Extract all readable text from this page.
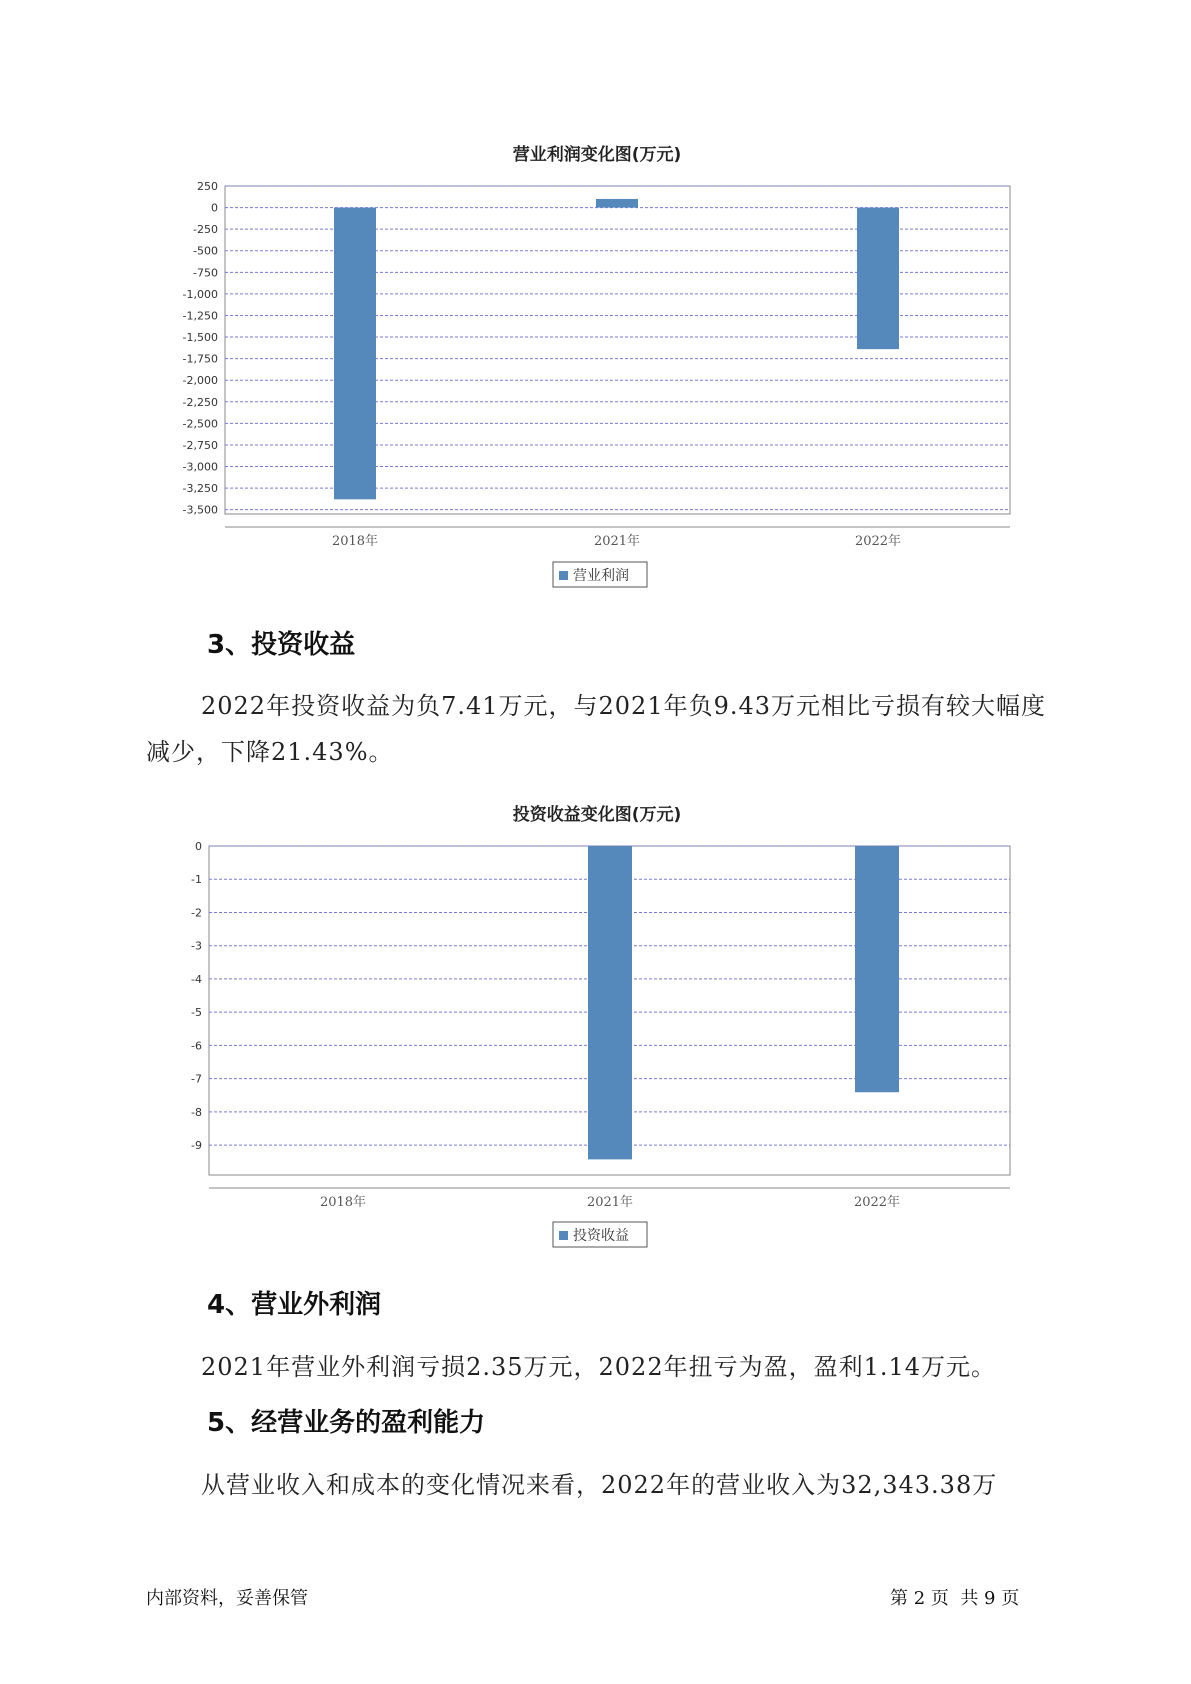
营业利润变化图(万元)
250
0
-250
-500
-750
-1,000
-1,250
-1,500
-1,750
-2,000
-2,250
-2,500
-2,750
-3,000
-3,250
-3,500
2018年	2021年	2022年
营业利润
3、投资收益
2022年投资收益为负7.41万元，与2021年负9.43万元相比亏损有较大幅度减少，下降21.43%。
投资收益变化图(万元)
0
-1
-2
-3
-4
-5
-6
-7
-8
-9
2018年	2021年	2022年
投资收益
4、营业外利润
2021年营业外利润亏损2.35万元，2022年扭亏为盈，盈利1.14万元。
5、经营业务的盈利能力
从营业收入和成本的变化情况来看，2022年的营业收入为32,343.38万
内部资料，妥善保管	第 2 页  共 9 页
